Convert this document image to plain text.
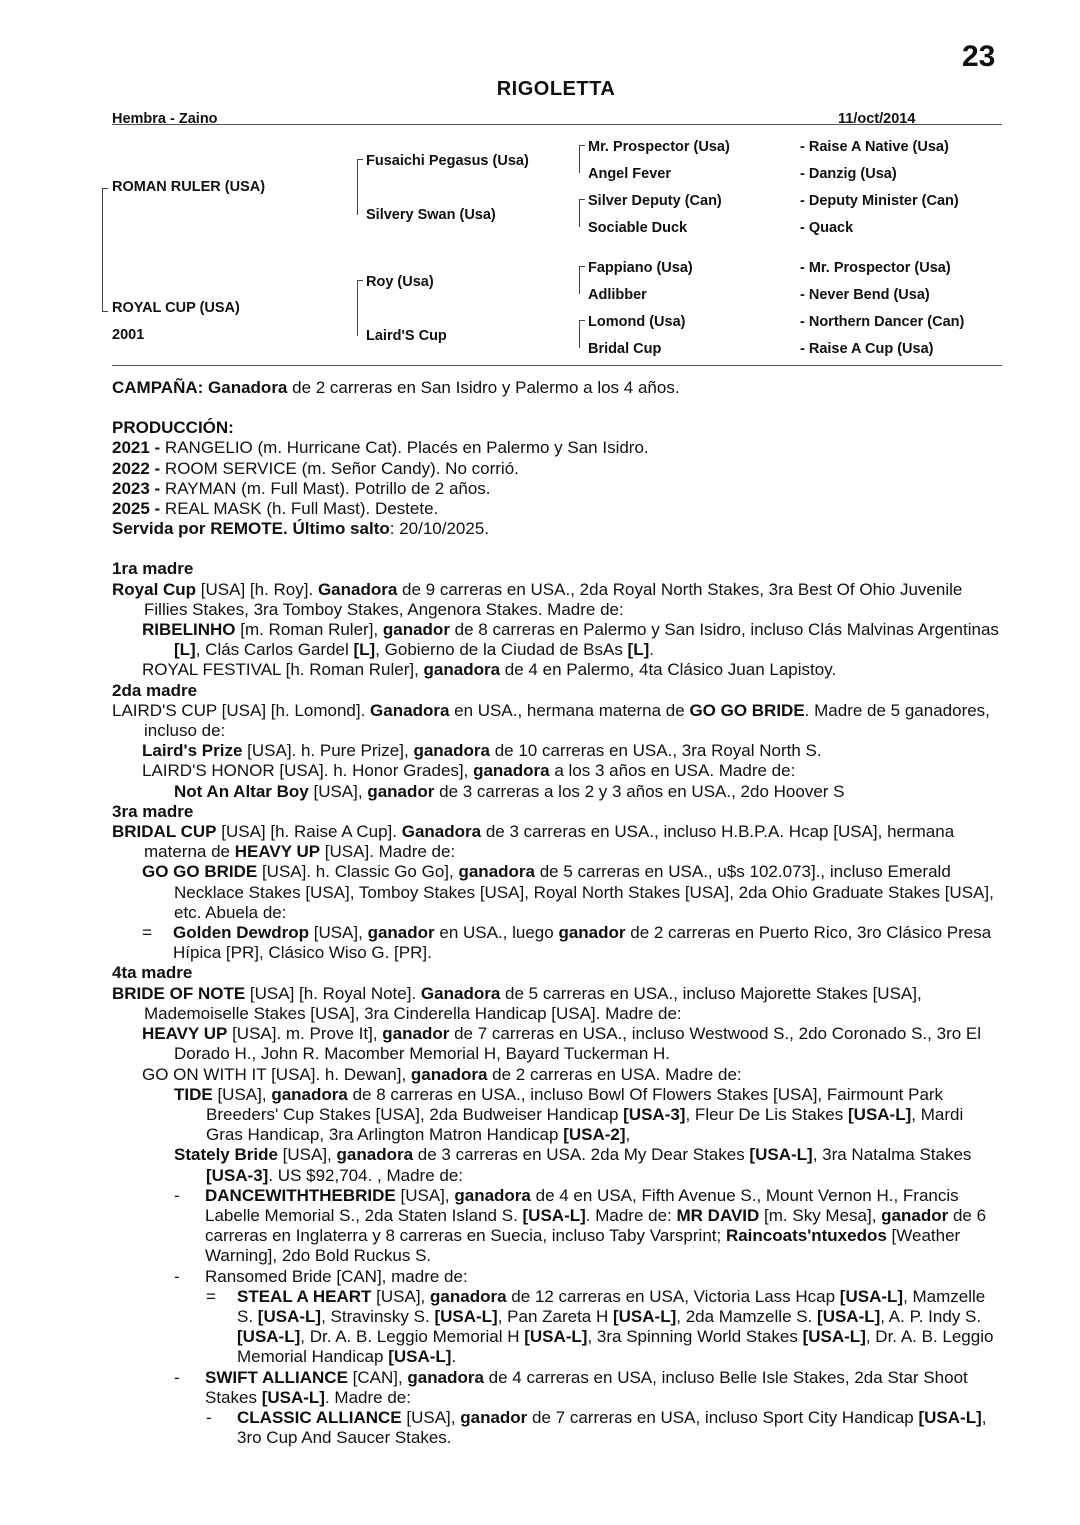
23
RIGOLETTA
Hembra - Zaino	11/oct/2014
ROMAN RULER (USA)
ROYAL CUP (USA)
2001
Fusaichi Pegasus (Usa)
Silvery Swan (Usa)
Roy (Usa)
Laird'S Cup
Mr. Prospector (Usa)
Angel Fever
Silver Deputy (Can)
Sociable Duck
Fappiano (Usa)
Adlibber
Lomond (Usa)
Bridal Cup
- Raise A Native (Usa)
- Danzig (Usa)
- Deputy Minister (Can)
- Quack
- Mr. Prospector (Usa)
- Never Bend (Usa)
- Northern Dancer (Can)
- Raise A Cup (Usa)

CAMPAÑA: Ganadora de 2 carreras en San Isidro y Palermo a los 4 años.

PRODUCCIÓN:

2021 - RANGELIO (m. Hurricane Cat). Placés en Palermo y San Isidro.

2022 - ROOM SERVICE (m. Señor Candy). No corrió.

2023 - RAYMAN (m. Full Mast). Potrillo de 2 años.

2025 - REAL MASK (h. Full Mast). Destete.

Servida por REMOTE. Último salto: 20/10/2025.

1ra madre

Royal Cup [USA] [h. Roy]. Ganadora de 9 carreras en USA., 2da Royal North Stakes, 3ra Best Of Ohio Juvenile Fillies Stakes, 3ra Tomboy Stakes, Angenora Stakes. Madre de:

RIBELINHO [m. Roman Ruler], ganador de 8 carreras en Palermo y San Isidro, incluso Clás Malvinas Argentinas [L], Clás Carlos Gardel [L], Gobierno de la Ciudad de BsAs [L].

ROYAL FESTIVAL [h. Roman Ruler], ganadora de 4 en Palermo, 4ta Clásico Juan Lapistoy.

2da madre

LAIRD'S CUP [USA] [h. Lomond]. Ganadora en USA., hermana materna de GO GO BRIDE. Madre de 5 ganadores, incluso de:

Laird's Prize [USA]. h. Pure Prize], ganadora de 10 carreras en USA., 3ra Royal North S.

LAIRD'S HONOR [USA]. h. Honor Grades], ganadora a los 3 años en USA. Madre de:

Not An Altar Boy [USA], ganador de 3 carreras a los 2 y 3 años en USA., 2do Hoover S

3ra madre

BRIDAL CUP [USA] [h. Raise A Cup]. Ganadora de 3 carreras en USA., incluso H.B.P.A. Hcap [USA], hermana materna de HEAVY UP [USA]. Madre de:

GO GO BRIDE [USA]. h. Classic Go Go], ganadora de 5 carreras en USA., u$s 102.073]., incluso Emerald Necklace Stakes [USA], Tomboy Stakes [USA], Royal North Stakes [USA], 2da Ohio Graduate Stakes [USA], etc. Abuela de:

= Golden Dewdrop [USA], ganador en USA., luego ganador de 2 carreras en Puerto Rico, 3ro Clásico Presa Hípica [PR], Clásico Wiso G. [PR].

4ta madre

BRIDE OF NOTE [USA] [h. Royal Note]. Ganadora de 5 carreras en USA., incluso Majorette Stakes [USA], Mademoiselle Stakes [USA], 3ra Cinderella Handicap [USA]. Madre de:

HEAVY UP [USA]. m. Prove It], ganador de 7 carreras en USA., incluso Westwood S., 2do Coronado S., 3ro El Dorado H., John R. Macomber Memorial H, Bayard Tuckerman H.

GO ON WITH IT [USA]. h. Dewan], ganadora de 2 carreras en USA. Madre de:

TIDE [USA], ganadora de 8 carreras en USA., incluso Bowl Of Flowers Stakes [USA], Fairmount Park Breeders' Cup Stakes [USA], 2da Budweiser Handicap [USA-3], Fleur De Lis Stakes [USA-L], Mardi Gras Handicap, 3ra Arlington Matron Handicap [USA-2],

Stately Bride [USA], ganadora de 3 carreras en USA. 2da My Dear Stakes [USA-L], 3ra Natalma Stakes [USA-3]. US $92,704. , Madre de:

- DANCEWITHTHEBRIDE [USA], ganadora de 4 en USA, Fifth Avenue S., Mount Vernon H., Francis Labelle Memorial S., 2da Staten Island S. [USA-L]. Madre de: MR DAVID [m. Sky Mesa], ganador de 6 carreras en Inglaterra y 8 carreras en Suecia, incluso Taby Varsprint; Raincoats'ntuxedos [Weather Warning], 2do Bold Ruckus S.

- Ransomed Bride [CAN], madre de:

= STEAL A HEART [USA], ganadora de 12 carreras en USA, Victoria Lass Hcap [USA-L], Mamzelle S. [USA-L], Stravinsky S. [USA-L], Pan Zareta H [USA-L], 2da Mamzelle S. [USA-L], A. P. Indy S. [USA-L], Dr. A. B. Leggio Memorial H [USA-L], 3ra Spinning World Stakes [USA-L], Dr. A. B. Leggio Memorial Handicap [USA-L].

- SWIFT ALLIANCE [CAN], ganadora de 4 carreras en USA, incluso Belle Isle Stakes, 2da Star Shoot Stakes [USA-L]. Madre de:

- CLASSIC ALLIANCE [USA], ganador de 7 carreras en USA, incluso Sport City Handicap [USA-L], 3ro Cup And Saucer Stakes.
